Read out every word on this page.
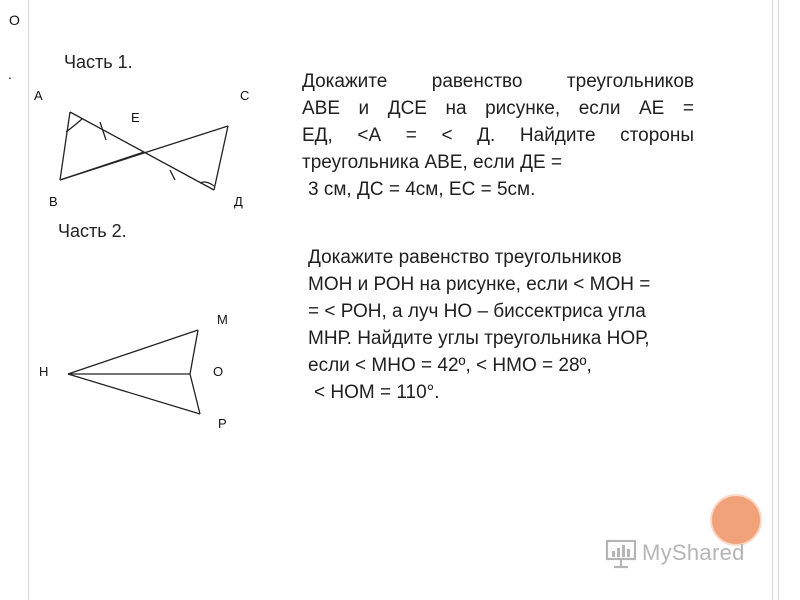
О
.
Часть 1.
А
Е
С
В	Д

Докажите равенство треугольников

АВЕ и ДСЕ на рисунке, если АЕ =

ЕД, <А = < Д. Найдите стороны

треугольника АВЕ, если ДЕ =

3 см, ДС = 4см, ЕС = 5см.

Часть 2.
М
Н	О
Р

Докажите равенство треугольников

МОН и РОН на рисунке, если < МОН =

= < РОН, а луч НО – биссектриса угла

МНР. Найдите углы треугольника НОР,

если < МНО = 42º, < НМО = 28º,

< НОМ = 110°.

MyShared
